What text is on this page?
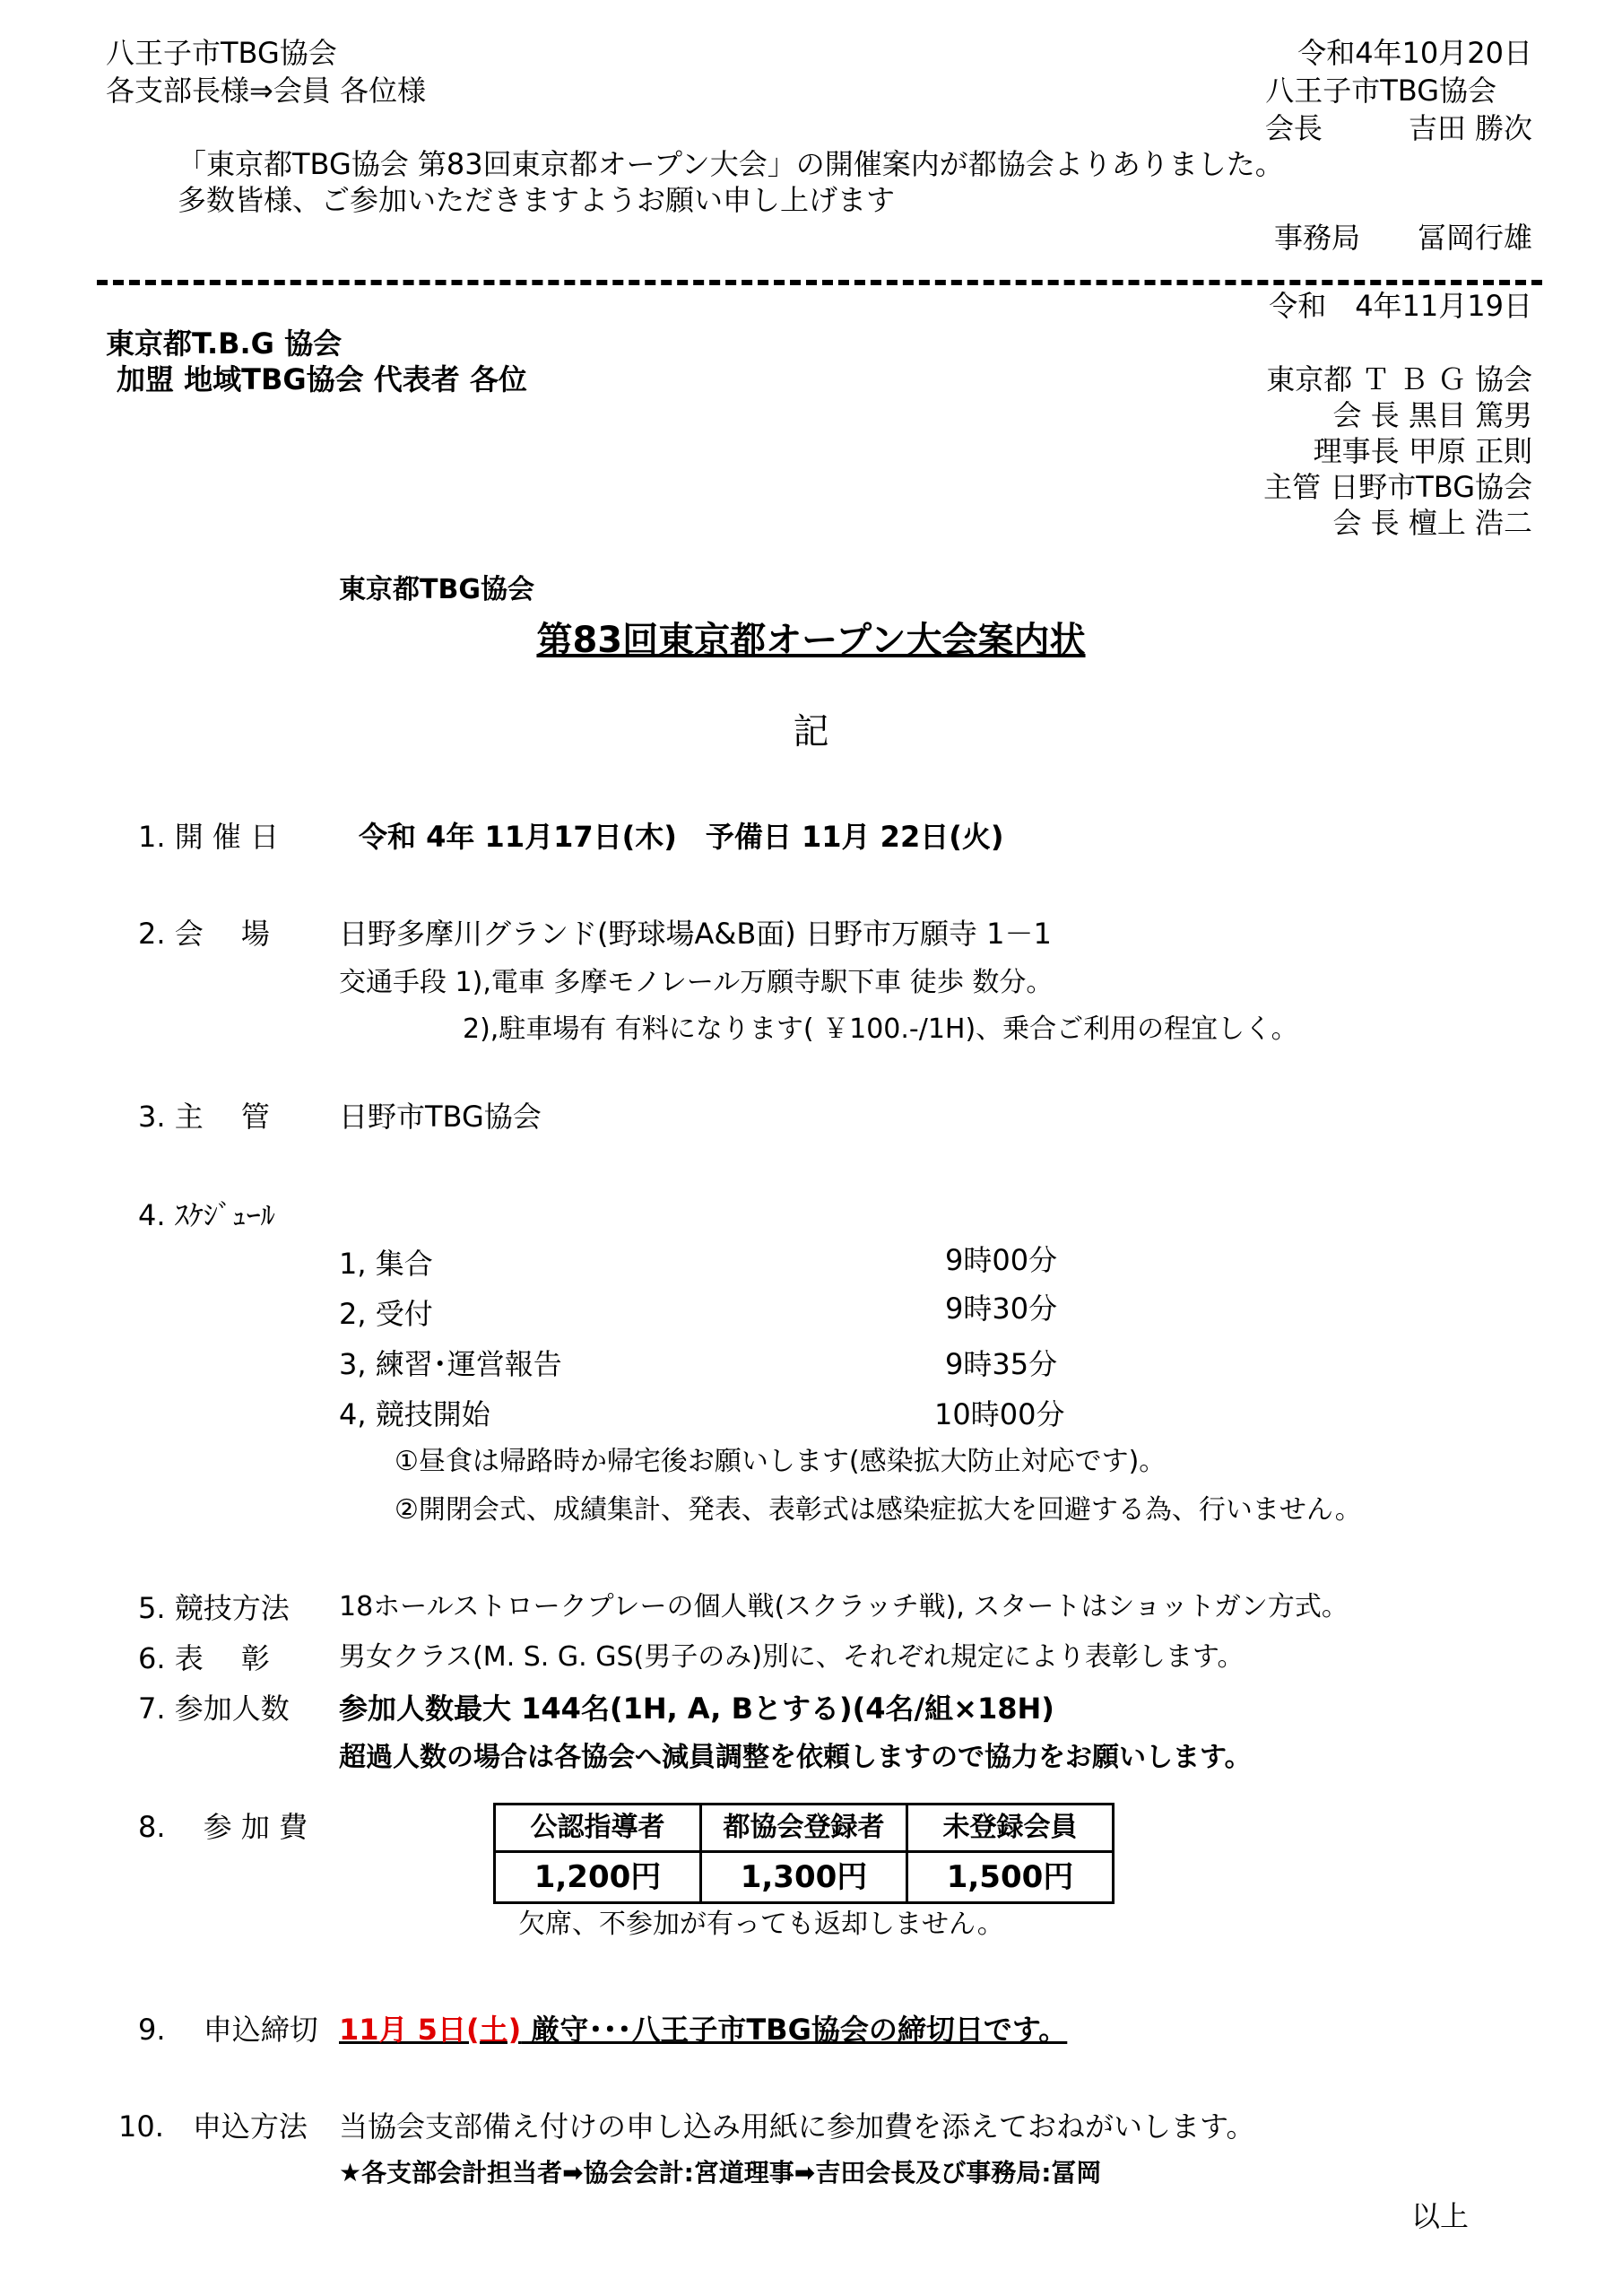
八王子市TBG協会
各支部長様⇒会員 各位様
令和4年10月20日
八王子市TBG協会
会長　　　吉田 勝次
「東京都TBG協会 第83回東京都オープン大会」の開催案内が都協会よりありました。
多数皆様、ご参加いただきますようお願い申し上げます
事務局　　冨岡行雄
令和　4年11月19日
東京都T.B.G 協会
加盟 地域TBG協会 代表者 各位	東京都 Ｔ Ｂ Ｇ 協会
会 長 黒目 篤男
理事長 甲原 正則
主管 日野市TBG協会
会 長 檀上 浩二
東京都TBG協会
第83回東京都オープン大会案内状
記
1. 開 催 日	令和 4年 11月17日(木)　予備日 11月 22日(火)
2. 会　 場 日野多摩川グランド(野球場A&B面) 日野市万願寺 1－1
交通手段 1),電車 多摩モノレール万願寺駅下車 徒歩 数分。
2),駐車場有 有料になります( ￥100.-/1H)、乗合ご利用の程宜しく。
3. 主　 管 日野市TBG協会
4. ｽｹｼﾞｭｰﾙ
1, 集合	9時00分
2, 受付	9時30分
3, 練習･運営報告	9時35分
4, 競技開始	10時00分
①昼食は帰路時か帰宅後お願いします(感染拡大防止対応です)。
②開閉会式、成績集計、発表、表彰式は感染症拡大を回避する為、行いません。
5. 競技方法 18ホールストロークプレーの個人戦(スクラッチ戦), スタートはショットガン方式。
6. 表　 彰	男女クラス(M. S. G. GS(男子のみ)別に、それぞれ規定により表彰します。
7. 参加人数 参加人数最大 144名(1H, A, Bとする)(4名/組×18H)
超過人数の場合は各協会へ減員調整を依頼しますので協力をお願いします。
8.　 参 加 費	公認指導者	都協会登録者	未登録会員
1,200円	1,300円	1,500円
欠席、不参加が有っても返却しません。
9.　 申込締切 11月 5日(土) 厳守･･･八王子市TBG協会の締切日です。
10.　申込方法 当協会支部備え付けの申し込み用紙に参加費を添えておねがいします。
★各支部会計担当者➡協会会計:宮道理事➡吉田会長及び事務局:冨岡
以上
